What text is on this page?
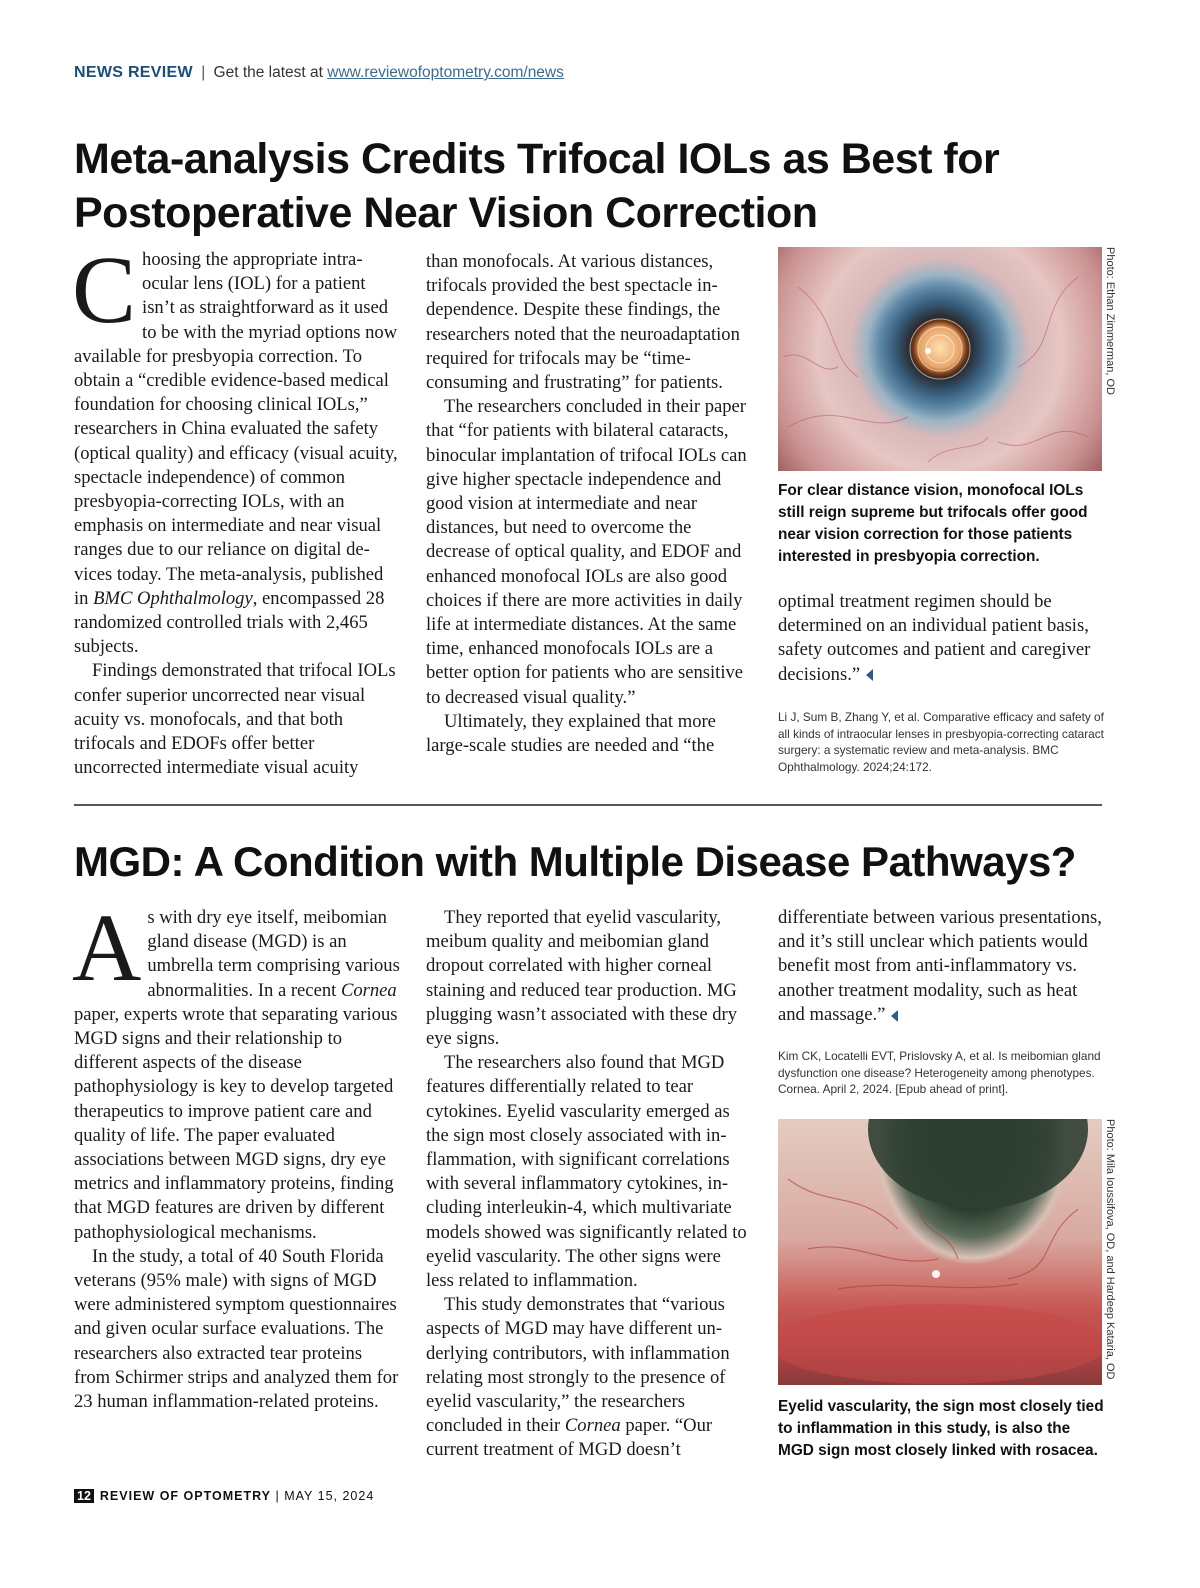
NEWS REVIEW | Get the latest at www.reviewofoptometry.com/news
Meta-analysis Credits Trifocal IOLs as Best for Postoperative Near Vision Correction

Choosing the appropriate intraocular lens (IOL) for a patient isn’t as straightforward as it used to be with the myriad options now available for presbyopia correction. To obtain a “credible evidence-based medical foundation for choosing clinical IOLs,” researchers in China evaluated the safety (optical quality) and efficacy (visual acuity, spectacle independence) of common presbyopia-correcting IOLs, with an emphasis on intermediate and near visual ranges due to our reliance on digital devices today. The meta-analysis, published in BMC Ophthalmology, encompassed 28 randomized controlled trials with 2,465 subjects.

Findings demonstrated that trifocal IOLs confer superior uncorrected near visual acuity vs. monofocals, and that both trifocals and EDOFs offer better uncorrected intermediate visual acuity

than monofocals. At various distances, trifocals provided the best spectacle independence. Despite these findings, the researchers noted that the neuroadaptation required for trifocals may be “time-consuming and frustrating” for patients.

The researchers concluded in their paper that “for patients with bilateral cataracts, binocular implantation of trifocal IOLs can give higher spectacle independence and good vision at intermediate and near distances, but need to overcome the decrease of optical quality, and EDOF and enhanced monofocal IOLs are also good choices if there are more activities in daily life at intermediate distances. At the same time, enhanced monofocals IOLs are a better option for patients who are sensitive to decreased visual quality.”

Ultimately, they explained that more large-scale studies are needed and “the

Photo: Ethan Zimmerman, OD
For clear distance vision, monofocal IOLs still reign supreme but trifocals offer good near vision correction for those patients interested in presbyopia correction.

optimal treatment regimen should be determined on an individual patient basis, safety outcomes and patient and caregiver decisions.”

Li J, Sum B, Zhang Y, et al. Comparative efficacy and safety of all kinds of intraocular lenses in presbyopia-correcting cataract surgery: a systematic review and meta-analysis. BMC Ophthalmology. 2024;24:172.
MGD: A Condition with Multiple Disease Pathways?

As with dry eye itself, meibomian gland disease (MGD) is an umbrella term comprising various abnormalities. In a recent Cornea paper, experts wrote that separating various MGD signs and their relationship to different aspects of the disease pathophysiology is key to develop targeted therapeutics to improve patient care and quality of life. The paper evaluated associations between MGD signs, dry eye metrics and inflammatory proteins, finding that MGD features are driven by different pathophysiological mechanisms.

In the study, a total of 40 South Florida veterans (95% male) with signs of MGD were administered symptom questionnaires and given ocular surface evaluations. The researchers also extracted tear proteins from Schirmer strips and analyzed them for 23 human inflammation-related proteins.

They reported that eyelid vascularity, meibum quality and meibomian gland dropout correlated with higher corneal staining and reduced tear production. MG plugging wasn’t associated with these dry eye signs.

The researchers also found that MGD features differentially related to tear cytokines. Eyelid vascularity emerged as the sign most closely associated with inflammation, with significant correlations with several inflammatory cytokines, including interleukin-4, which multivariate models showed was significantly related to eyelid vascularity. The other signs were less related to inflammation.

This study demonstrates that “various aspects of MGD may have different underlying contributors, with inflammation relating most strongly to the presence of eyelid vascularity,” the researchers concluded in their Cornea paper. “Our current treatment of MGD doesn’t

differentiate between various presentations, and it’s still unclear which patients would benefit most from anti-inflammatory vs. another treatment modality, such as heat and massage.”

Kim CK, Locatelli EVT, Prislovsky A, et al. Is meibomian gland dysfunction one disease? Heterogeneity among phenotypes. Cornea. April 2, 2024. [Epub ahead of print].
Photo: Mila Ioussifova, OD, and Hardeep Kataria, OD
Eyelid vascularity, the sign most closely tied to inflammation in this study, is also the MGD sign most closely linked with rosacea.
12 REVIEW OF OPTOMETRY | MAY 15, 2024
